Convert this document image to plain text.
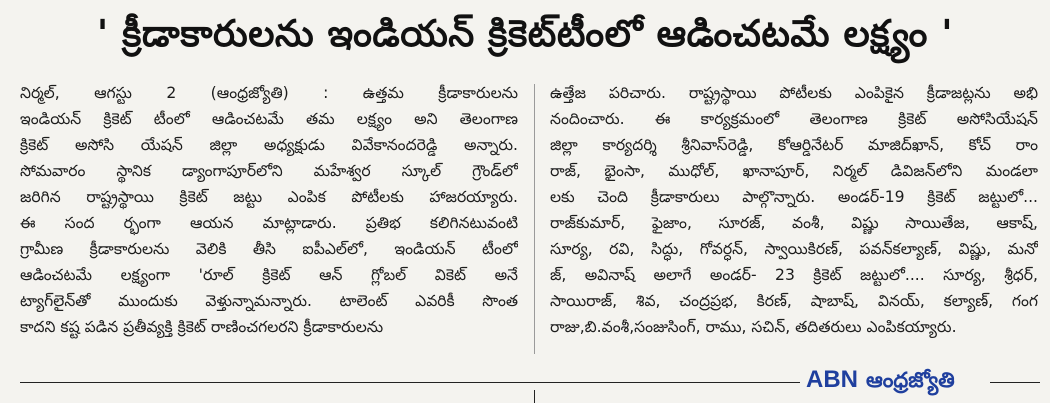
' క్రీడాకారులను ఇండియన్ క్రికెట్‌టీంలో ఆడించటమే లక్ష్యం '
నిర్మల్, ఆగస్టు 2 (ఆంధ్రజ్యోతి) : ఉత్తమ క్రీడాకారులను
ఇండియన్ క్రికెట్ టీంలో ఆడించటమే తమ లక్ష్యం అని తెలంగాణ
క్రికెట్ అసోసి యేషన్ జిల్లా అధ్యక్షుడు వివేకానందరెడ్డి అన్నారు.
సోమవారం స్థానిక డ్యాంగాపూర్‌లోని మహేశ్వర స్కూల్ గ్రౌండ్‌లో
జరిగిన రాష్ట్రస్థాయి క్రికెట్ జట్టు ఎంపిక పోటీలకు హాజరయ్యారు.
ఈ సంద ర్భంగా ఆయన మాట్లాడారు. ప్రతిభ కలిగినటువంటి
గ్రామీణ క్రీడాకారులను వెలికి తీసి ఐపీఎల్‌లో, ఇండియన్ టీంలో
ఆడించటమే లక్ష్యంగా 'రూల్ క్రికెట్ ఆన్ గ్లోబల్ వికెట్ అనే
ట్యాగ్‌లైన్‌తో ముందుకు వెళ్తున్నామన్నారు. టాలెంట్ ఎవరికీ సొంత
కాదని కష్ట పడిన ప్రతీవ్యక్తి క్రికెట్ రాణించగలరని క్రీడాకారులను
ఉత్తేజ పరిచారు. రాష్ట్రస్థాయి పోటీలకు ఎంపికైన క్రీడాజట్లను అభి
నందించారు. ఈ కార్యక్రమంలో తెలంగాణ క్రికెట్ అసోసియేషన్
జిల్లా కార్యదర్శి శ్రీనివాస్‌రెడ్డి, కోఆర్డినేటర్ మాజిద్‌ఖాన్, కోచ్ రాం
రాజ్, భైంసా, ముధోల్, ఖానాపూర్, నిర్మల్ డివిజన్‌లోని మండలా
లకు చెంది క్రీడాకారులు పాల్గొన్నారు. అండర్-19 క్రికెట్ జట్టులో...
రాజ్‌కుమార్, ఫైజాం, సూరజ్, వంశీ, విష్ణు సాయితేజ, ఆకాష్,
సూర్య, రవి, సిద్ధు, గోవర్ధన్, స్వాయికిరణ్, పవన్‌కల్యాణ్, విష్ణు, మనో
జ్, అవినాష్ అలాగే అండర్- 23 క్రికెట్ జట్టులో.... సూర్య, శ్రీధర్,
సాయిరాజ్, శివ, చంద్రప్రభ, కిరణ్, షాబాష్, వినయ్, కల్యాణ్, గంగ
రాజు,బి.వంశీ,సంజుసింగ్, రాము, సచిన్, తదితరులు ఎంపికయ్యారు.
ABN ఆంధ్రజ్యోతి
